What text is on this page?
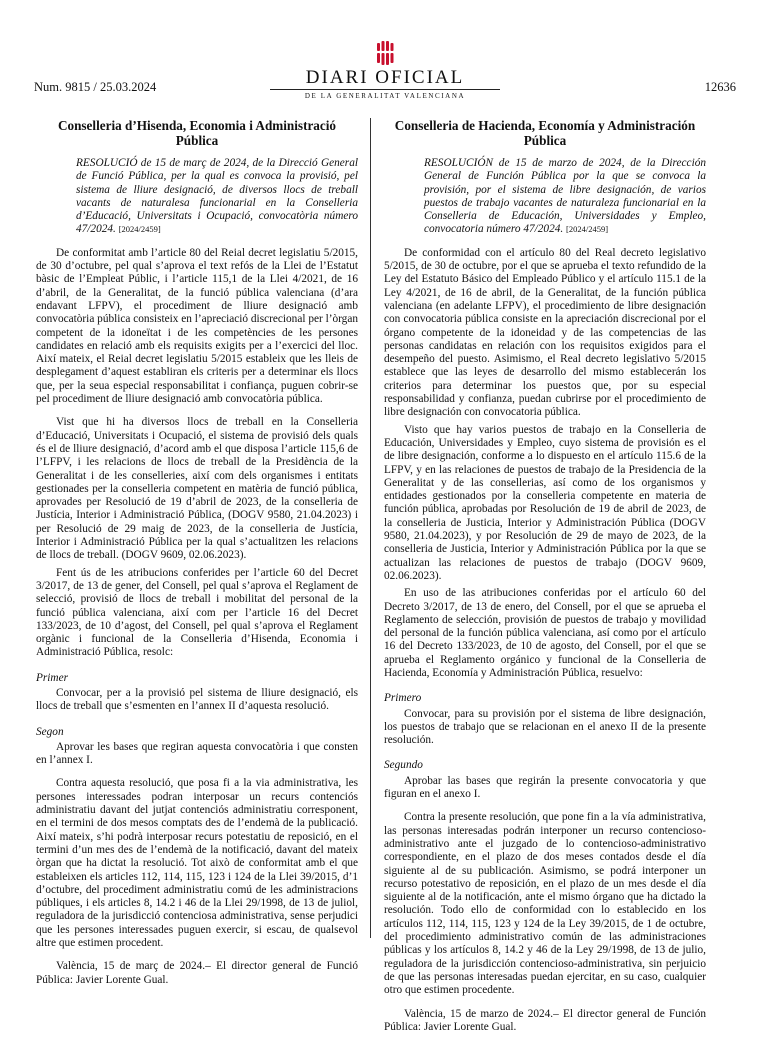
Num. 9815 / 25.03.2024	DIARI OFICIAL
DE LA GENERALITAT VALENCIANA
12636
Conselleria d’Hisenda, Economia i Administració Pública
RESOLUCIÓ de 15 de març de 2024, de la Direcció General de Funció Pública, per la qual es convoca la provisió, pel sistema de lliure designació, de diversos llocs de treball vacants de naturalesa funcionarial en la Conselleria d’Educació, Universitats i Ocupació, convocatòria número 47/2024. [2024/2459]

De conformitat amb l’article 80 del Reial decret legislatiu 5/2015, de 30 d’octubre, pel qual s’aprova el text refós de la Llei de l’Estatut bàsic de l’Empleat Públic, i l’article 115,1 de la Llei 4/2021, de 16 d’abril, de la Generalitat, de la funció pública valenciana (d’ara endavant LFPV), el procediment de lliure designació amb convocatòria pública consisteix en l’apreciació discrecional per l’òrgan competent de la idoneïtat i de les competències de les persones candidates en relació amb els requisits exigits per a l’exercici del lloc. Així mateix, el Reial decret legislatiu 5/2015 estableix que les lleis de desplegament d’aquest establiran els criteris per a determinar els llocs que, per la seua especial responsabilitat i confiança, puguen cobrir-se pel procediment de lliure designació amb convocatòria pública.

Vist que hi ha diversos llocs de treball en la Conselleria d’Educació, Universitats i Ocupació, el sistema de provisió dels quals és el de lliure designació, d’acord amb el que disposa l’article 115,6 de l’LFPV, i les relacions de llocs de treball de la Presidència de la Generalitat i de les conselleries, així com dels organismes i entitats gestionades per la conselleria competent en matèria de funció pública, aprovades per Resolució de 19 d’abril de 2023, de la conselleria de Justícia, Interior i Administració Pública, (DOGV 9580, 21.04.2023) i per Resolució de 29 maig de 2023, de la conselleria de Justícia, Interior i Administració Pública per la qual s’actualitzen les relacions de llocs de treball. (DOGV 9609, 02.06.2023).

Fent ús de les atribucions conferides per l’article 60 del Decret 3/2017, de 13 de gener, del Consell, pel qual s’aprova el Reglament de selecció, provisió de llocs de treball i mobilitat del personal de la funció pública valenciana, així com per l’article 16 del Decret 133/2023, de 10 d’agost, del Consell, pel qual s’aprova el Reglament orgànic i funcional de la Conselleria d’Hisenda, Economia i Administració Pública, resolc:

Primer

Convocar, per a la provisió pel sistema de lliure designació, els llocs de treball que s’esmenten en l’annex II d’aquesta resolució.

Segon

Aprovar les bases que regiran aquesta convocatòria i que consten en l’annex I.

Contra aquesta resolució, que posa fi a la via administrativa, les persones interessades podran interposar un recurs contenciós administratiu davant del jutjat contenciós administratiu corresponent, en el termini de dos mesos comptats des de l’endemà de la publicació. Així mateix, s’hi podrà interposar recurs potestatiu de reposició, en el termini d’un mes des de l’endemà de la notificació, davant del mateix òrgan que ha dictat la resolució. Tot això de conformitat amb el que estableixen els articles 112, 114, 115, 123 i 124 de la Llei 39/2015, d’1 d’octubre, del procediment administratiu comú de les administracions públiques, i els articles 8, 14.2 i 46 de la Llei 29/1998, de 13 de juliol, reguladora de la jurisdicció contenciosa administrativa, sense perjudici que les persones interessades puguen exercir, si escau, de qualsevol altre que estimen procedent.

València, 15 de març de 2024.– El director general de Funció Pública: Javier Lorente Gual.

Conselleria de Hacienda, Economía y Administración Pública
RESOLUCIÓN de 15 de marzo de 2024, de la Dirección General de Función Pública por la que se convoca la provisión, por el sistema de libre designación, de varios puestos de trabajo vacantes de naturaleza funcionarial en la Conselleria de Educación, Universidades y Empleo, convocatoria número 47/2024. [2024/2459]

De conformidad con el artículo 80 del Real decreto legislativo 5/2015, de 30 de octubre, por el que se aprueba el texto refundido de la Ley del Estatuto Básico del Empleado Público y el artículo 115.1 de la Ley 4/2021, de 16 de abril, de la Generalitat, de la función pública valenciana (en adelante LFPV), el procedimiento de libre designación con convocatoria pública consiste en la apreciación discrecional por el órgano competente de la idoneidad y de las competencias de las personas candidatas en relación con los requisitos exigidos para el desempeño del puesto. Asimismo, el Real decreto legislativo 5/2015 establece que las leyes de desarrollo del mismo establecerán los criterios para determinar los puestos que, por su especial responsabilidad y confianza, puedan cubrirse por el procedimiento de libre designación con convocatoria pública.

Visto que hay varios puestos de trabajo en la Conselleria de Educación, Universidades y Empleo, cuyo sistema de provisión es el de libre designación, conforme a lo dispuesto en el artículo 115.6 de la LFPV, y en las relaciones de puestos de trabajo de la Presidencia de la Generalitat y de las consellerias, así como de los organismos y entidades gestionados por la conselleria competente en materia de función pública, aprobadas por Resolución de 19 de abril de 2023, de la conselleria de Justicia, Interior y Administración Pública (DOGV 9580, 21.04.2023), y por Resolución de 29 de mayo de 2023, de la conselleria de Justicia, Interior y Administración Pública por la que se actualizan las relaciones de puestos de trabajo (DOGV 9609, 02.06.2023).

En uso de las atribuciones conferidas por el artículo 60 del Decreto 3/2017, de 13 de enero, del Consell, por el que se aprueba el Reglamento de selección, provisión de puestos de trabajo y movilidad del personal de la función pública valenciana, así como por el artículo 16 del Decreto 133/2023, de 10 de agosto, del Consell, por el que se aprueba el Reglamento orgánico y funcional de la Conselleria de Hacienda, Economía y Administración Pública, resuelvo:

Primero

Convocar, para su provisión por el sistema de libre designación, los puestos de trabajo que se relacionan en el anexo II de la presente resolución.

Segundo

Aprobar las bases que regirán la presente convocatoria y que figuran en el anexo I.

Contra la presente resolución, que pone fin a la vía administrativa, las personas interesadas podrán interponer un recurso contencioso-administrativo ante el juzgado de lo contencioso-administrativo correspondiente, en el plazo de dos meses contados desde el día siguiente al de su publicación. Asimismo, se podrá interponer un recurso potestativo de reposición, en el plazo de un mes desde el día siguiente al de la notificación, ante el mismo órgano que ha dictado la resolución. Todo ello de conformidad con lo establecido en los artículos 112, 114, 115, 123 y 124 de la Ley 39/2015, de 1 de octubre, del procedimiento administrativo común de las administraciones públicas y los artículos 8, 14.2 y 46 de la Ley 29/1998, de 13 de julio, reguladora de la jurisdicción contencioso-administrativa, sin perjuicio de que las personas interesadas puedan ejercitar, en su caso, cualquier otro que estimen procedente.

València, 15 de marzo de 2024.– El director general de Función Pública: Javier Lorente Gual.
